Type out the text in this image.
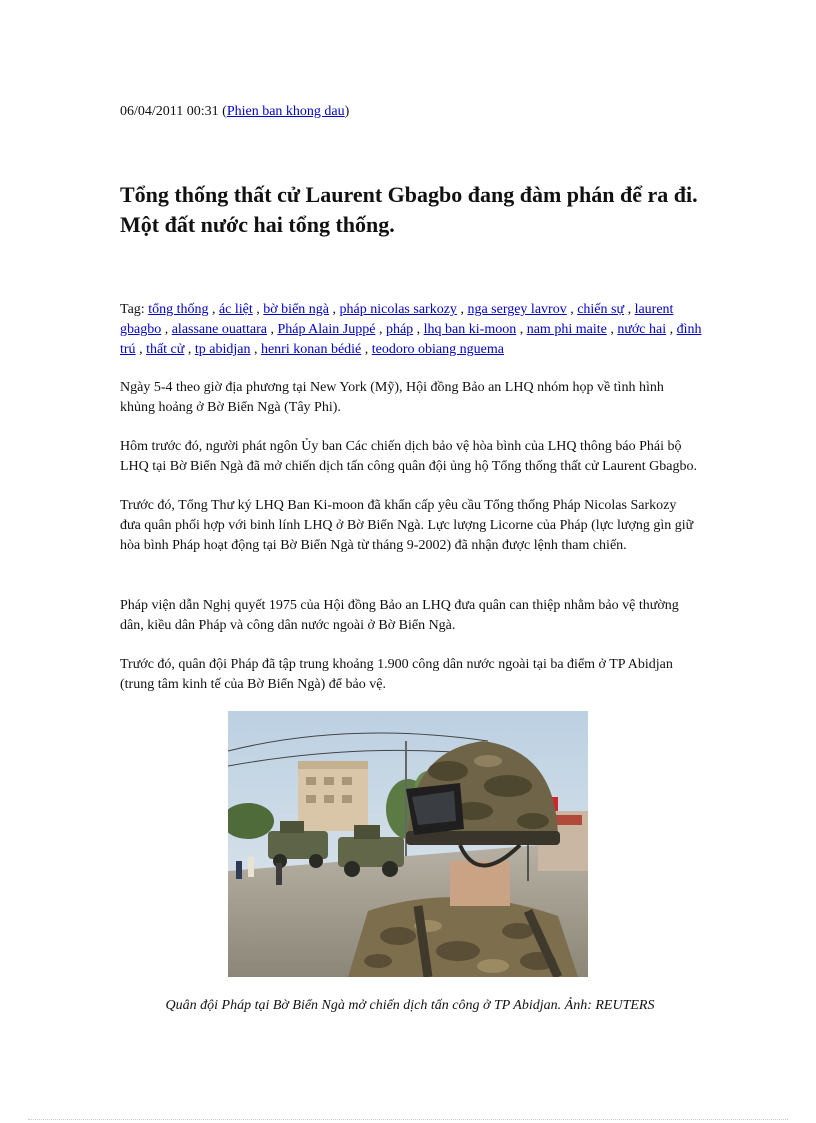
06/04/2011 00:31 (Phien ban khong dau)
Tổng thống thất cử Laurent Gbagbo đang đàm phán để ra đi. Một đất nước hai tổng thống.
Tag: tổng thống , ác liệt , bờ biển ngà , pháp nicolas sarkozy , nga sergey lavrov , chiến sự , laurent gbagbo , alassane ouattara , Pháp Alain Juppé , pháp , lhq ban ki-moon , nam phi maite , nước hai , đình trú , thất cử , tp abidjan , henri konan bédié , teodoro obiang nguema

Ngày 5-4 theo giờ địa phương tại New York (Mỹ), Hội đồng Bảo an LHQ nhóm họp về tình hình khủng hoảng ở Bờ Biển Ngà (Tây Phi).

Hôm trước đó, người phát ngôn Ủy ban Các chiến dịch bảo vệ hòa bình của LHQ thông báo Phái bộ LHQ tại Bờ Biển Ngà đã mở chiến dịch tấn công quân đội ủng hộ Tổng thống thất cử Laurent Gbagbo.

Trước đó, Tổng Thư ký LHQ Ban Ki-moon đã khẩn cấp yêu cầu Tổng thống Pháp Nicolas Sarkozy đưa quân phối hợp với binh lính LHQ ở Bờ Biển Ngà. Lực lượng Licorne của Pháp (lực lượng gìn giữ hòa bình Pháp hoạt động tại Bờ Biển Ngà từ tháng 9-2002) đã nhận được lệnh tham chiến.

Pháp viện dẫn Nghị quyết 1975 của Hội đồng Bảo an LHQ đưa quân can thiệp nhằm bảo vệ thường dân, kiều dân Pháp và công dân nước ngoài ở Bờ Biển Ngà.

Trước đó, quân đội Pháp đã tập trung khoảng 1.900 công dân nước ngoài tại ba điểm ở TP Abidjan (trung tâm kinh tế của Bờ Biển Ngà) để bảo vệ.

Quân đội Pháp tại Bờ Biển Ngà mở chiến dịch tấn công ở TP Abidjan. Ảnh: REUTERS
